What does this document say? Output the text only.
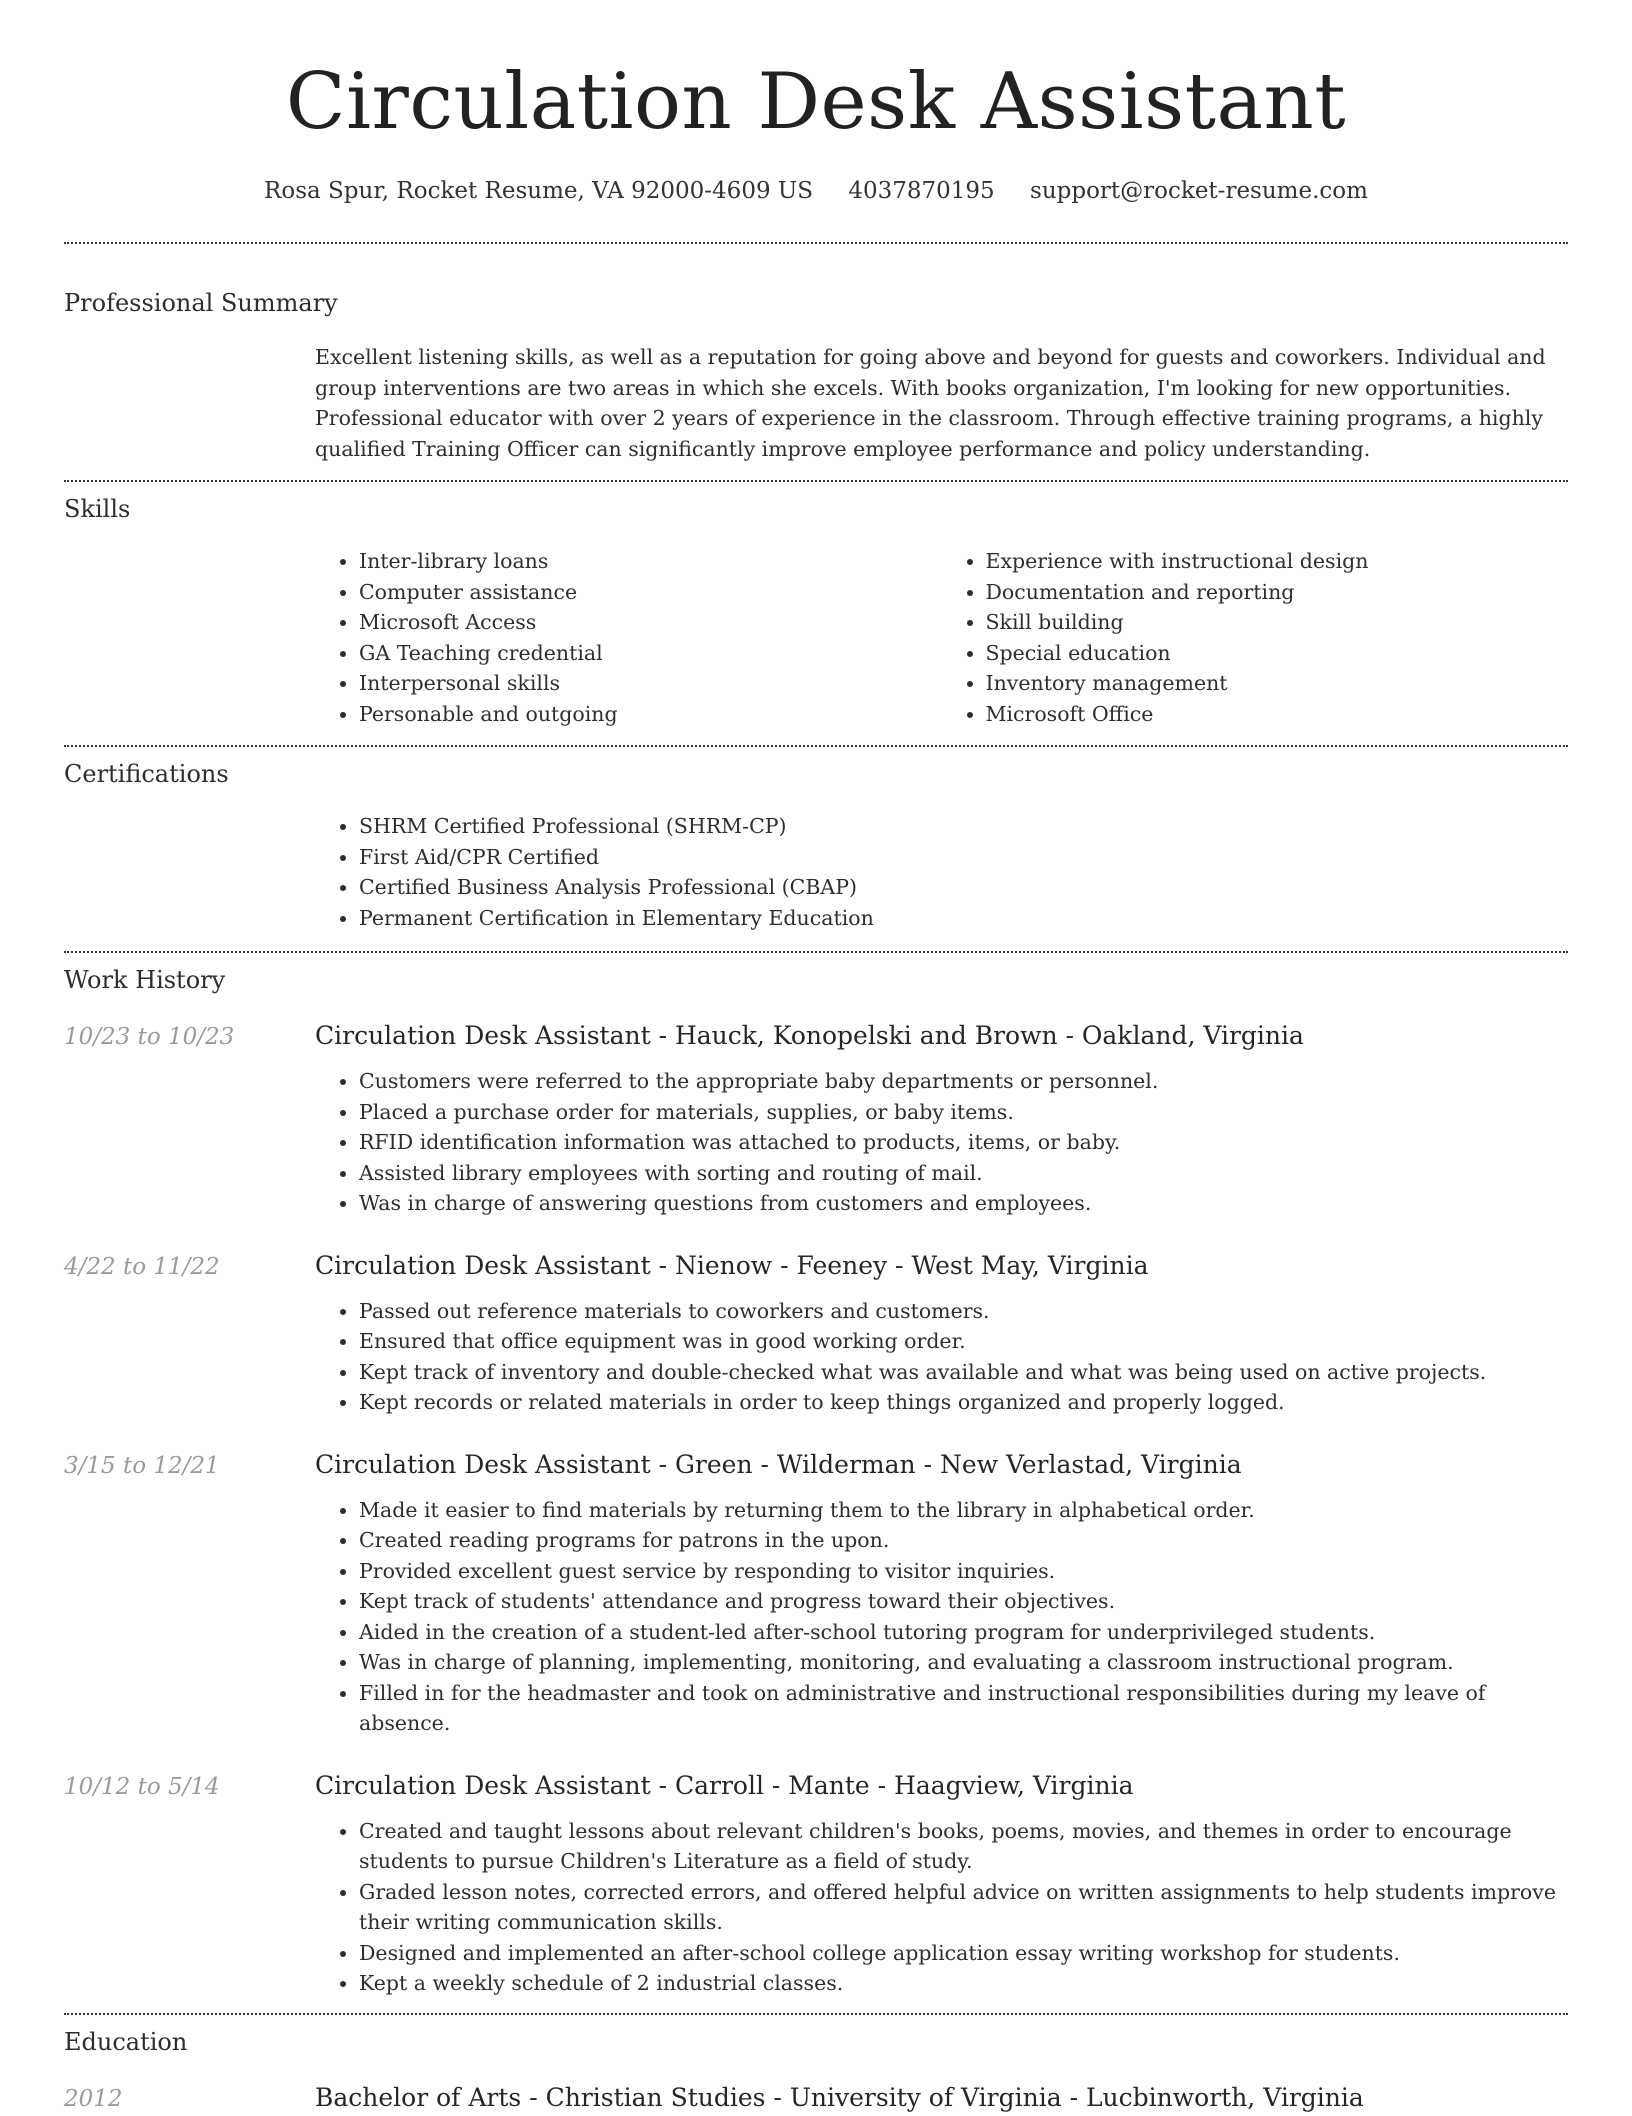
Circulation Desk Assistant
Rosa Spur, Rocket Resume, VA 92000-4609 US 4037870195 support@rocket-resume.com
Professional Summary

Excellent listening skills, as well as a reputation for going above and beyond for guests and coworkers. Individual and group interventions are two areas in which she excels. With books organization, I'm looking for new opportunities. Professional educator with over 2 years of experience in the classroom. Through effective training programs, a highly qualified Training Officer can significantly improve employee performance and policy understanding.

Skills
• Inter-library loans
• Computer assistance
• Microsoft Access
• GA Teaching credential
• Interpersonal skills
• Personable and outgoing
• Experience with instructional design
• Documentation and reporting
• Skill building
• Special education
• Inventory management
• Microsoft Office
Certifications
• SHRM Certified Professional (SHRM-CP)
• First Aid/CPR Certified
• Certified Business Analysis Professional (CBAP)
• Permanent Certification in Elementary Education
Work History
10/23 to 10/23	Circulation Desk Assistant - Hauck, Konopelski and Brown - Oakland, Virginia
• Customers were referred to the appropriate baby departments or personnel.
• Placed a purchase order for materials, supplies, or baby items.
• RFID identification information was attached to products, items, or baby.
• Assisted library employees with sorting and routing of mail.
• Was in charge of answering questions from customers and employees.
4/22 to 11/22	Circulation Desk Assistant - Nienow - Feeney - West May, Virginia
• Passed out reference materials to coworkers and customers.
• Ensured that office equipment was in good working order.
• Kept track of inventory and double-checked what was available and what was being used on active projects.
• Kept records or related materials in order to keep things organized and properly logged.
3/15 to 12/21	Circulation Desk Assistant - Green - Wilderman - New Verlastad, Virginia
• Made it easier to find materials by returning them to the library in alphabetical order.
• Created reading programs for patrons in the upon.
• Provided excellent guest service by responding to visitor inquiries.
• Kept track of students' attendance and progress toward their objectives.
• Aided in the creation of a student-led after-school tutoring program for underprivileged students.
• Was in charge of planning, implementing, monitoring, and evaluating a classroom instructional program.
• Filled in for the headmaster and took on administrative and instructional responsibilities during my leave of absence.
10/12 to 5/14	Circulation Desk Assistant - Carroll - Mante - Haagview, Virginia
• Created and taught lessons about relevant children's books, poems, movies, and themes in order to encourage students to pursue Children's Literature as a field of study.
• Graded lesson notes, corrected errors, and offered helpful advice on written assignments to help students improve their writing communication skills.
• Designed and implemented an after-school college application essay writing workshop for students.
• Kept a weekly schedule of 2 industrial classes.
Education
2012	Bachelor of Arts - Christian Studies - University of Virginia - Lucbinworth, Virginia
